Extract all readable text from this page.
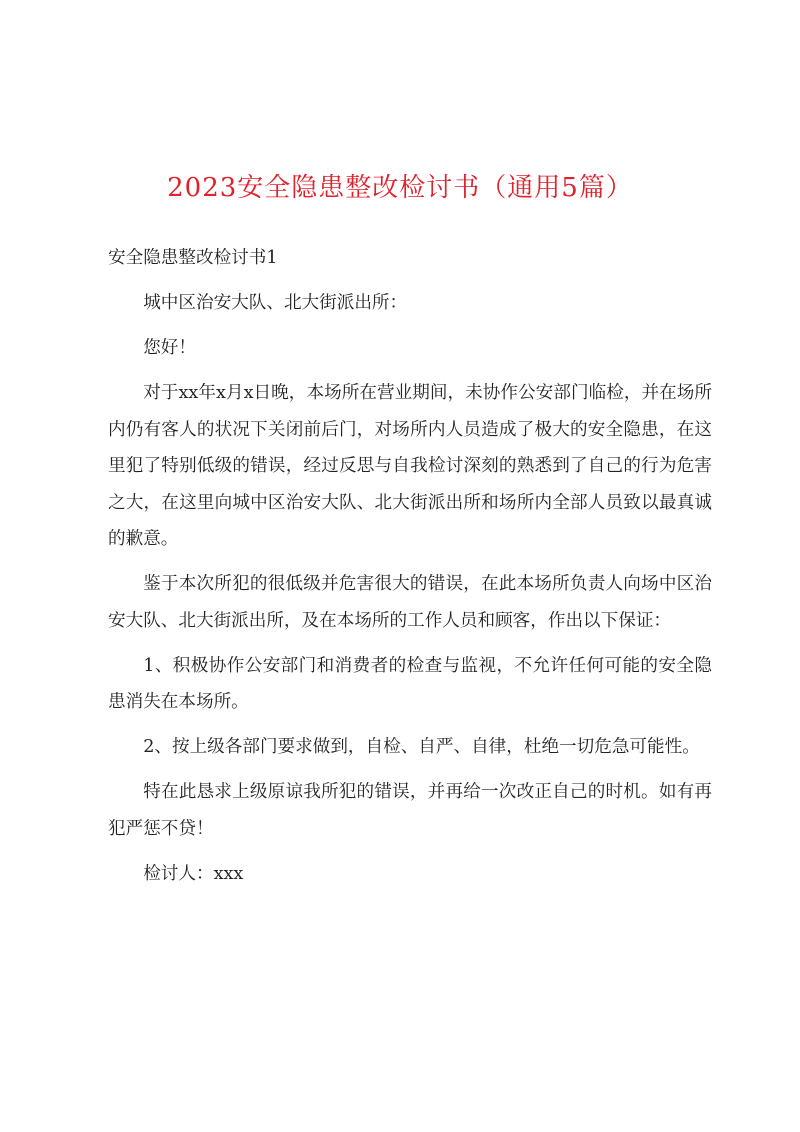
2023安全隐患整改检讨书（通用5篇）

安全隐患整改检讨书1

城中区治安大队、北大街派出所：

您好！

对于xx年x月x日晚，本场所在营业期间，未协作公安部门临检，并在场所内仍有客人的状况下关闭前后门，对场所内人员造成了极大的安全隐患，在这里犯了特别低级的错误，经过反思与自我检讨深刻的熟悉到了自己的行为危害之大，在这里向城中区治安大队、北大街派出所和场所内全部人员致以最真诚的歉意。

鉴于本次所犯的很低级并危害很大的错误，在此本场所负责人向场中区治安大队、北大街派出所，及在本场所的工作人员和顾客，作出以下保证：

1、积极协作公安部门和消费者的检查与监视，不允许任何可能的安全隐患消失在本场所。

2、按上级各部门要求做到，自检、自严、自律，杜绝一切危急可能性。

特在此恳求上级原谅我所犯的错误，并再给一次改正自己的时机。如有再犯严惩不贷！

检讨人：xxx
